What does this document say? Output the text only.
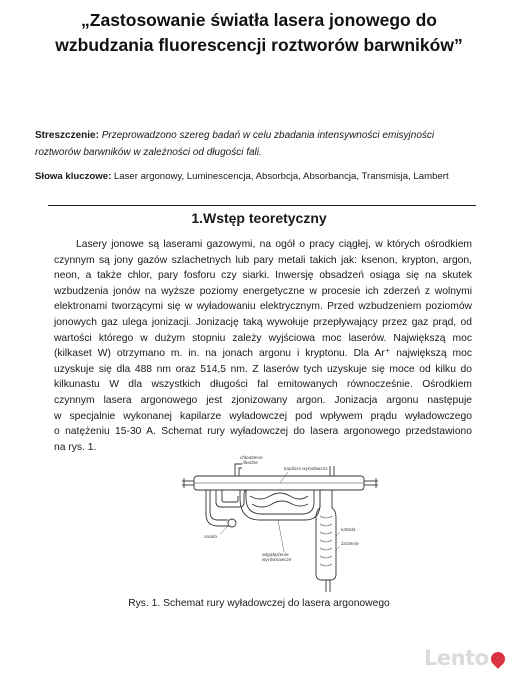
„Zastosowanie światła lasera jonowego do
wzbudzania fluorescencji roztworów barwników”
Streszczenie: Przeprowadzono szereg badań w celu zbadania intensywności emisyjności
roztworów barwników w zależności od długości fali.
Słowa kluczowe: Laser argonowy, Luminescencja, Absorbcja, Absorbancja, Transmisja, Lambert
1.Wstęp teoretyczny
Lasery jonowe są laserami gazowymi, na ogół o pracy ciągłej, w których ośrodkiem
czynnym są jony gazów szlachetnych lub pary metali takich jak: ksenon, krypton, argon,
neon, a także chlor, pary fosforu czy siarki. Inwersję obsadzeń osiąga się na skutek
wzbudzenia jonów na wyższe poziomy energetyczne w procesie ich zderzeń z wolnymi
elektronami tworzącymi się w wyładowaniu elektrycznym. Przed wzbudzeniem poziomów
jonowych gaz ulega jonizacji. Jonizację taką wywołuje przepływający przez gaz prąd, od
wartości którego w dużym stopniu zależy wyjściowa moc laserów. Największą moc
(kilkaset W) otrzymano m. in. na jonach argonu i kryptonu. Dla Ar⁺ największą moc
uzyskuje się dla 488 nm oraz 514,5 nm. Z laserów tych uzyskuje się moce od kilku do
kilkunastu W dla wszystkich długości fal emitowanych równocześnie. Ośrodkiem
czynnym lasera argonowego jest zjonizowany argon. Jonizacja argonu następuje
w specjalnie wykonanej kapilarze wyładowczej pod wpływem prądu wyładowczego
o natężeniu 15-30 A. Schemat rury wyładowczej do lasera argonowego przedstawiono
na rys. 1.
chłodzenie
wodne
kapilara wyładowcza
anoda
odgałęzienie
wyrównawcze
katoda
żarzenie
Rys. 1. Schemat rury wyładowczej do lasera argonowego
Lento
